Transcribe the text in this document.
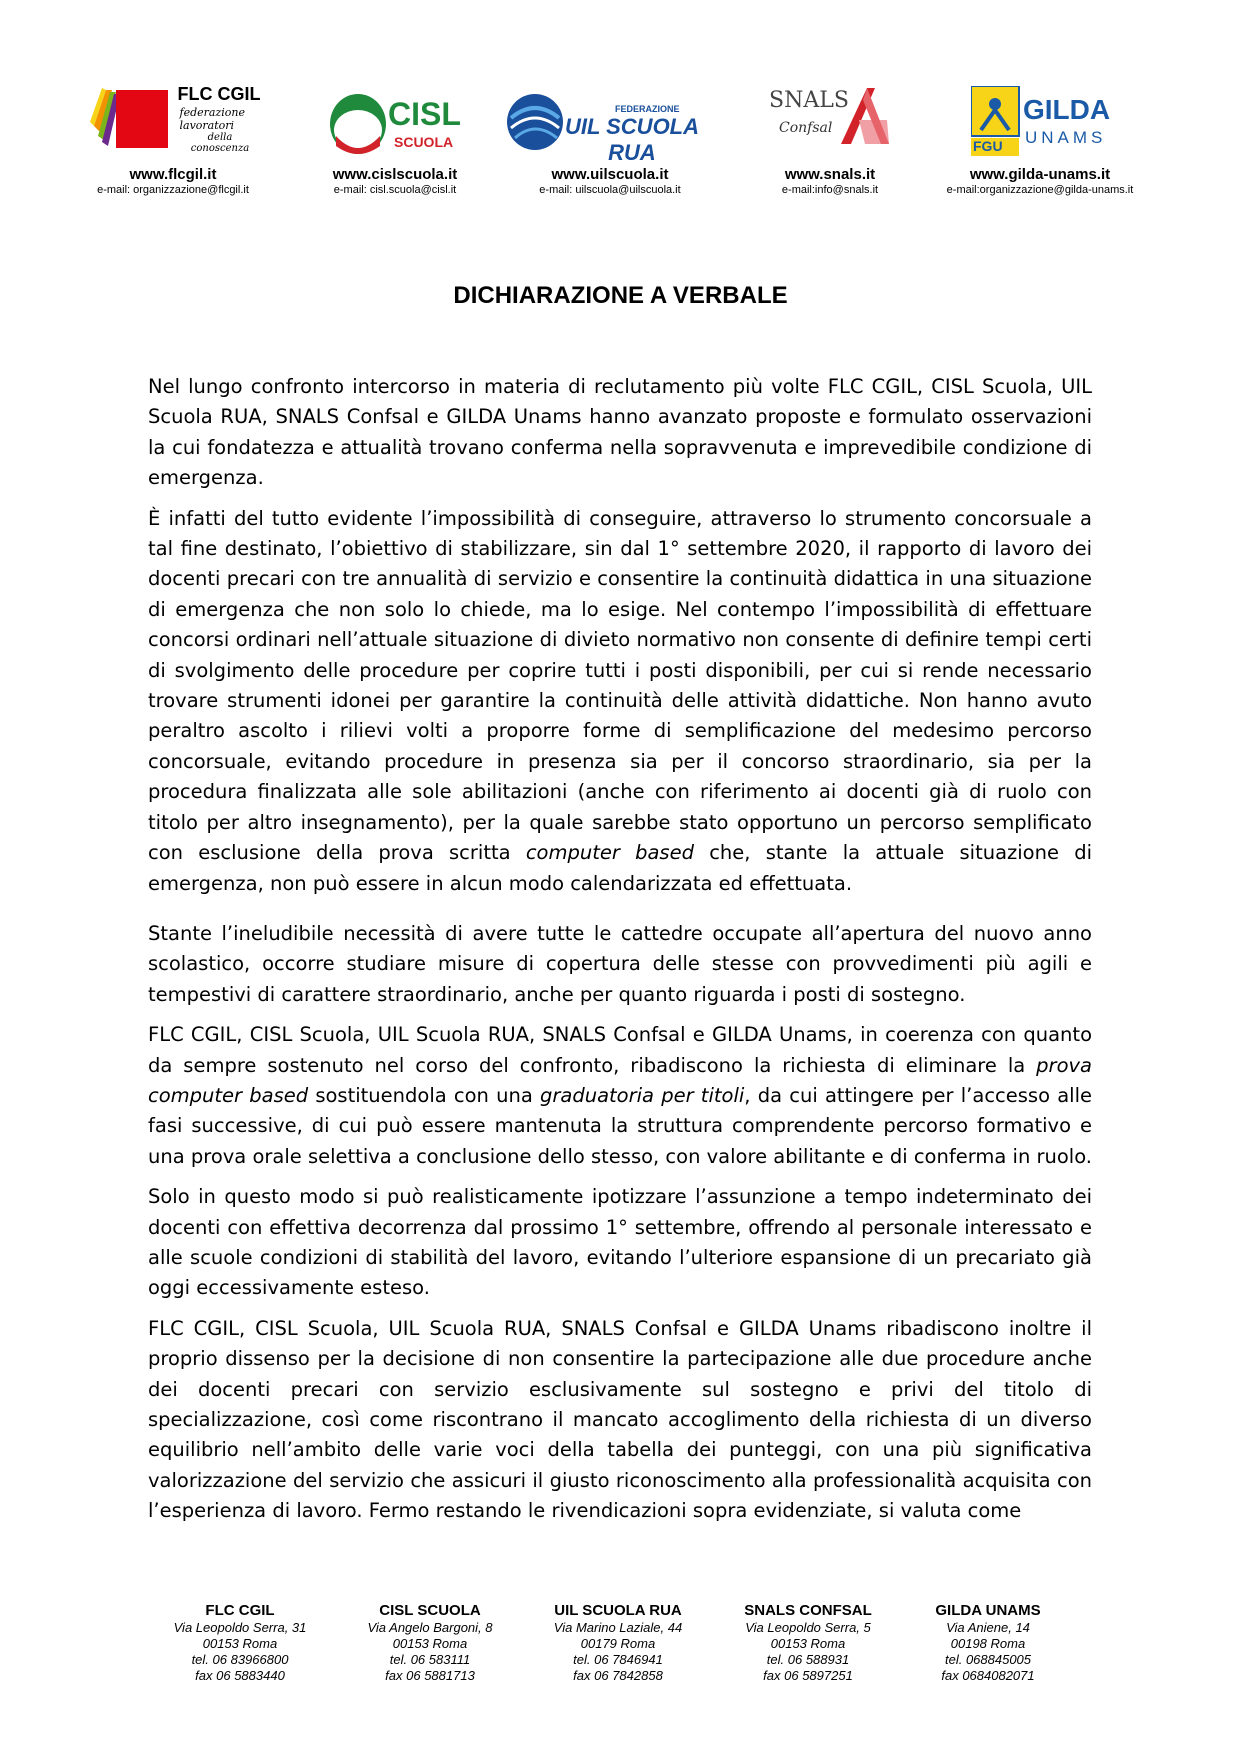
FLC CGIL
federazione
lavoratori
della conoscenza
www.flcgil.it
e-mail: organizzazione@flcgil.it
CISL
SCUOLA
www.cislscuola.it
e-mail: cisl.scuola@cisl.it
FEDERAZIONE
UIL SCUOLA RUA
www.uilscuola.it
e-mail: uilscuola@uilscuola.it
SNALS
Confsal
www.snals.it
e-mail:info@snals.it
FGU
GILDA
UNAMS
www.gilda-unams.it
e-mail:organizzazione@gilda-unams.it
DICHIARAZIONE A VERBALE

Nel lungo confronto intercorso in materia di reclutamento più volte FLC CGIL, CISL Scuola, UIL Scuola RUA, SNALS Confsal e GILDA Unams hanno avanzato proposte e formulato osservazioni la cui fondatezza e attualità trovano conferma nella sopravvenuta e imprevedibile condizione di emergenza.

È infatti del tutto evidente l’impossibilità di conseguire, attraverso lo strumento concorsuale a tal fine destinato, l’obiettivo di stabilizzare, sin dal 1° settembre 2020, il rapporto di lavoro dei docenti precari con tre annualità di servizio e consentire la continuità didattica in una situazione di emergenza che non solo lo chiede, ma lo esige. Nel contempo l’impossibilità di effettuare concorsi ordinari nell’attuale situazione di divieto normativo non consente di definire tempi certi di svolgimento delle procedure per coprire tutti i posti disponibili, per cui si rende necessario trovare strumenti idonei per garantire la continuità delle attività didattiche. Non hanno avuto peraltro ascolto i rilievi volti a proporre forme di semplificazione del medesimo percorso concorsuale, evitando procedure in presenza sia per il concorso straordinario, sia per la procedura finalizzata alle sole abilitazioni (anche con riferimento ai docenti già di ruolo con titolo per altro insegnamento), per la quale sarebbe stato opportuno un percorso semplificato con esclusione della prova scritta computer based che, stante la attuale situazione di emergenza, non può essere in alcun modo calendarizzata ed effettuata.

Stante l’ineludibile necessità di avere tutte le cattedre occupate all’apertura del nuovo anno scolastico, occorre studiare misure di copertura delle stesse con provvedimenti più agili e tempestivi di carattere straordinario, anche per quanto riguarda i posti di sostegno.

FLC CGIL, CISL Scuola, UIL Scuola RUA, SNALS Confsal e GILDA Unams, in coerenza con quanto da sempre sostenuto nel corso del confronto, ribadiscono la richiesta di eliminare la prova computer based sostituendola con una graduatoria per titoli, da cui attingere per l’accesso alle fasi successive, di cui può essere mantenuta la struttura comprendente percorso formativo e una prova orale selettiva a conclusione dello stesso, con valore abilitante e di conferma in ruolo.

Solo in questo modo si può realisticamente ipotizzare l’assunzione a tempo indeterminato dei docenti con effettiva decorrenza dal prossimo 1° settembre, offrendo al personale interessato e alle scuole condizioni di stabilità del lavoro, evitando l’ulteriore espansione di un precariato già oggi eccessivamente esteso.

FLC CGIL, CISL Scuola, UIL Scuola RUA, SNALS Confsal e GILDA Unams ribadiscono inoltre il proprio dissenso per la decisione di non consentire la partecipazione alle due procedure anche dei docenti precari con servizio esclusivamente sul sostegno e privi del titolo di specializzazione, così come riscontrano il mancato accoglimento della richiesta di un diverso equilibrio nell’ambito delle varie voci della tabella dei punteggi, con una più significativa valorizzazione del servizio che assicuri il giusto riconoscimento alla professionalità acquisita con l’esperienza di lavoro. Fermo restando le rivendicazioni sopra evidenziate, si valuta come

FLC CGIL
Via Leopoldo Serra, 31
00153 Roma
tel. 06 83966800
fax 06 5883440
CISL SCUOLA
Via Angelo Bargoni, 8
00153 Roma
tel. 06 583111
fax 06 5881713
UIL SCUOLA RUA
Via Marino Laziale, 44
00179 Roma
tel. 06 7846941
fax 06 7842858
SNALS CONFSAL
Via Leopoldo Serra, 5
00153 Roma
tel. 06 588931
fax 06 5897251
GILDA UNAMS
Via Aniene, 14
00198 Roma
tel. 068845005
fax 0684082071
